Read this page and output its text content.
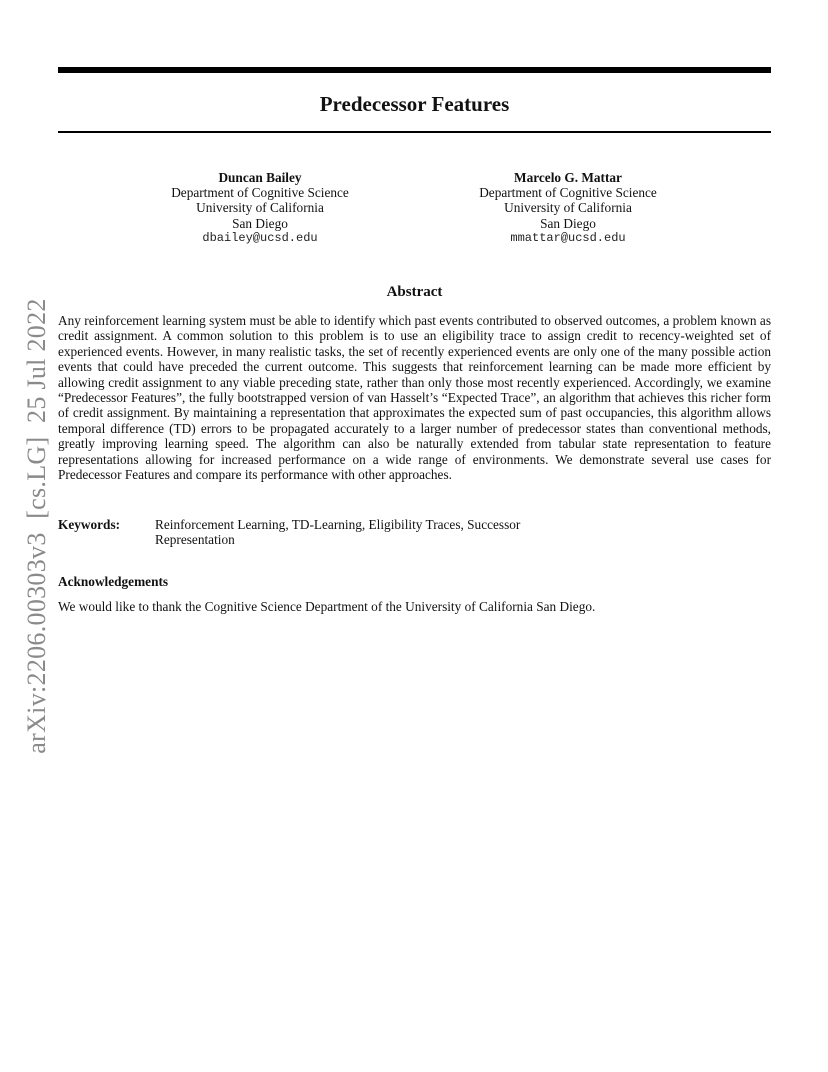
Predecessor Features
Duncan Bailey
Department of Cognitive Science
University of California
San Diego
dbailey@ucsd.edu
Marcelo G. Mattar
Department of Cognitive Science
University of California
San Diego
mmattar@ucsd.edu
Abstract
Any reinforcement learning system must be able to identify which past events contributed to observed outcomes, a problem known as credit assignment. A common solution to this problem is to use an eligibility trace to assign credit to recency-weighted set of experienced events. However, in many realistic tasks, the set of recently experienced events are only one of the many possible action events that could have preceded the current outcome. This suggests that reinforcement learning can be made more efficient by allowing credit assignment to any viable preceding state, rather than only those most recently experienced. Accordingly, we examine “Predecessor Features”, the fully bootstrapped version of van Hasselt’s “Expected Trace”, an algorithm that achieves this richer form of credit assignment. By maintaining a representation that approximates the expected sum of past occupancies, this algorithm allows temporal difference (TD) errors to be propagated accurately to a larger number of predecessor states than conventional methods, greatly improving learning speed. The algorithm can also be naturally extended from tabular state representation to feature representations allowing for increased performance on a wide range of environments. We demonstrate several use cases for Predecessor Features and compare its performance with other approaches.
Keywords:	Reinforcement Learning, TD-Learning, Eligibility Traces, Successor Representation
Acknowledgements
We would like to thank the Cognitive Science Department of the University of California San Diego.
arXiv:2206.00303v3  [cs.LG]  25 Jul 2022
